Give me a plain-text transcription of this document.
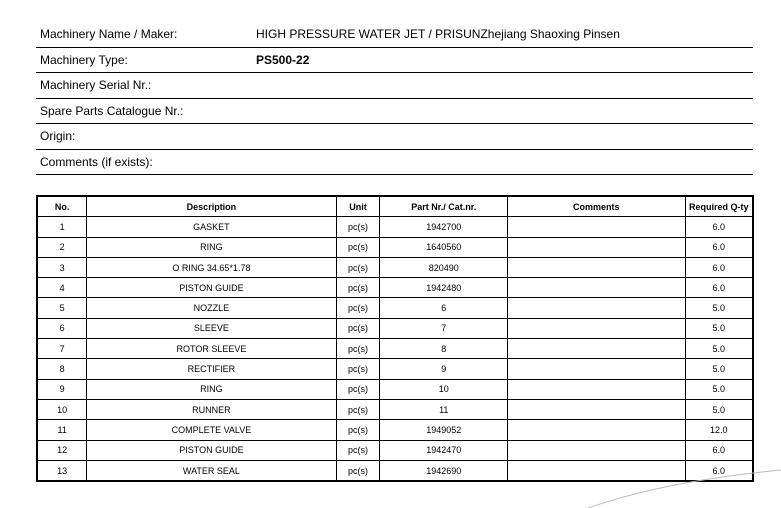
Machinery Name / Maker:	HIGH PRESSURE WATER JET / PRISUNZhejiang Shaoxing Pinsen
Machinery Type:	PS500-22
Machinery Serial Nr.:	
Spare Parts Catalogue Nr.:	
Origin:	
Comments (if exists):	
No.	Description	Unit	Part Nr./ Cat.nr.	Comments	Required Q-ty
1	GASKET	pc(s)	1942700		6.0
2	RING	pc(s)	1640560		6.0
3	O RING 34.65*1.78	pc(s)	820490		6.0
4	PISTON GUIDE	pc(s)	1942480		6.0
5	NOZZLE	pc(s)	6		5.0
6	SLEEVE	pc(s)	7		5.0
7	ROTOR SLEEVE	pc(s)	8		5.0
8	RECTIFIER	pc(s)	9		5.0
9	RING	pc(s)	10		5.0
10	RUNNER	pc(s)	11		5.0
11	COMPLETE VALVE	pc(s)	1949052		12.0
12	PISTON GUIDE	pc(s)	1942470		6.0
13	WATER SEAL	pc(s)	1942690		6.0
